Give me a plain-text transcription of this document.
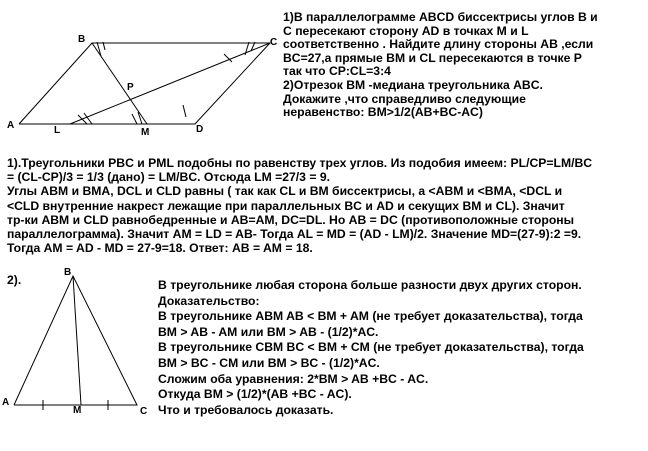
B	C
A	L	M	D
P
1)В параллелограмме ABCD биссектрисы углов B и
C пересекают сторону AD в точках M и L
соответственно . Найдите длину стороны AB ,если
BC=27,а прямые BM и CL пересекаются в точке P
так что CP:CL=3:4
2)Отрезок BM -медиана треугольника ABC.
Докажите ,что справедливо следующие
неравенство: BM>1/2(AB+BC-AC)
1).Треугольники PBC и PML подобны по равенству трех углов. Из подобия имеем: PL/CP=LM/BC
= (CL-CP)/3 = 1/3 (дано) = LM/BC. Отсюда LM =27/3 = 9.
Углы ABM и BMA, DCL и CLD равны ( так как CL и BM биссектрисы, а <ABM и <BMA, <DCL и
<CLD внутренние накрест лежащие при параллельных BC и AD и секущих BM и CL). Значит
тр-ки ABM и CLD равнобедренные и AB=AM, DC=DL. Но AB = DC (противоположные стороны
параллелограмма). Значит AM = LD = AB- Тогда AL = MD = (AD - LM)/2. Значение MD=(27-9):2 =9.
Тогда AM = AD - MD = 27-9=18. Ответ: AB = AM = 18.
2).
B
A
M	C
В треугольнике любая сторона больше разности двух других сторон.
Доказательство:
В треугольнике ABM AB < BM + AM (не требует доказательства), тогда
BM > AB - AM или BM > AB - (1/2)*AC.
В треугольнике CBM BC < BM + CM (не требует доказательства), тогда
BM > BC - CM или BM > BC - (1/2)*AC.
Сложим оба уравнения: 2*BM > AB +BC - AC.
Откуда BM > (1/2)*(AB +BC - AC).
Что и требовалось доказать.
